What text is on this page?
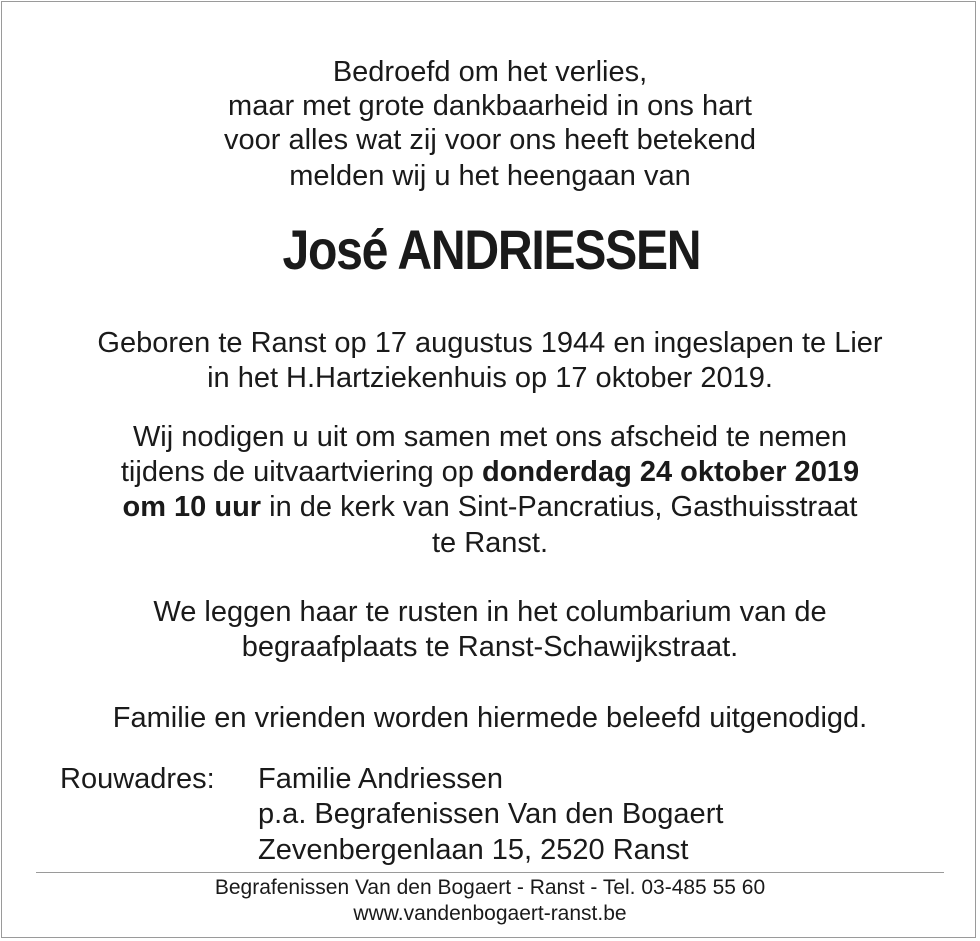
Bedroefd om het verlies,
maar met grote dankbaarheid in ons hart
voor alles wat zij voor ons heeft betekend
melden wij u het heengaan van
José ANDRIESSEN
Geboren te Ranst op 17 augustus 1944 en ingeslapen te Lier
in het H.Hartziekenhuis op 17 oktober 2019.
Wij nodigen u uit om samen met ons afscheid te nemen
tijdens de uitvaartviering op donderdag 24 oktober 2019
om 10 uur in de kerk van Sint-Pancratius, Gasthuisstraat
te Ranst.
We leggen haar te rusten in het columbarium van de
begraafplaats te Ranst-Schawijkstraat.
Familie en vrienden worden hiermede beleefd uitgenodigd.
Rouwadres: Familie Andriessen
p.a. Begrafenissen Van den Bogaert
Zevenbergenlaan 15, 2520 Ranst
Begrafenissen Van den Bogaert - Ranst - Tel. 03-485 55 60
www.vandenbogaert-ranst.be
